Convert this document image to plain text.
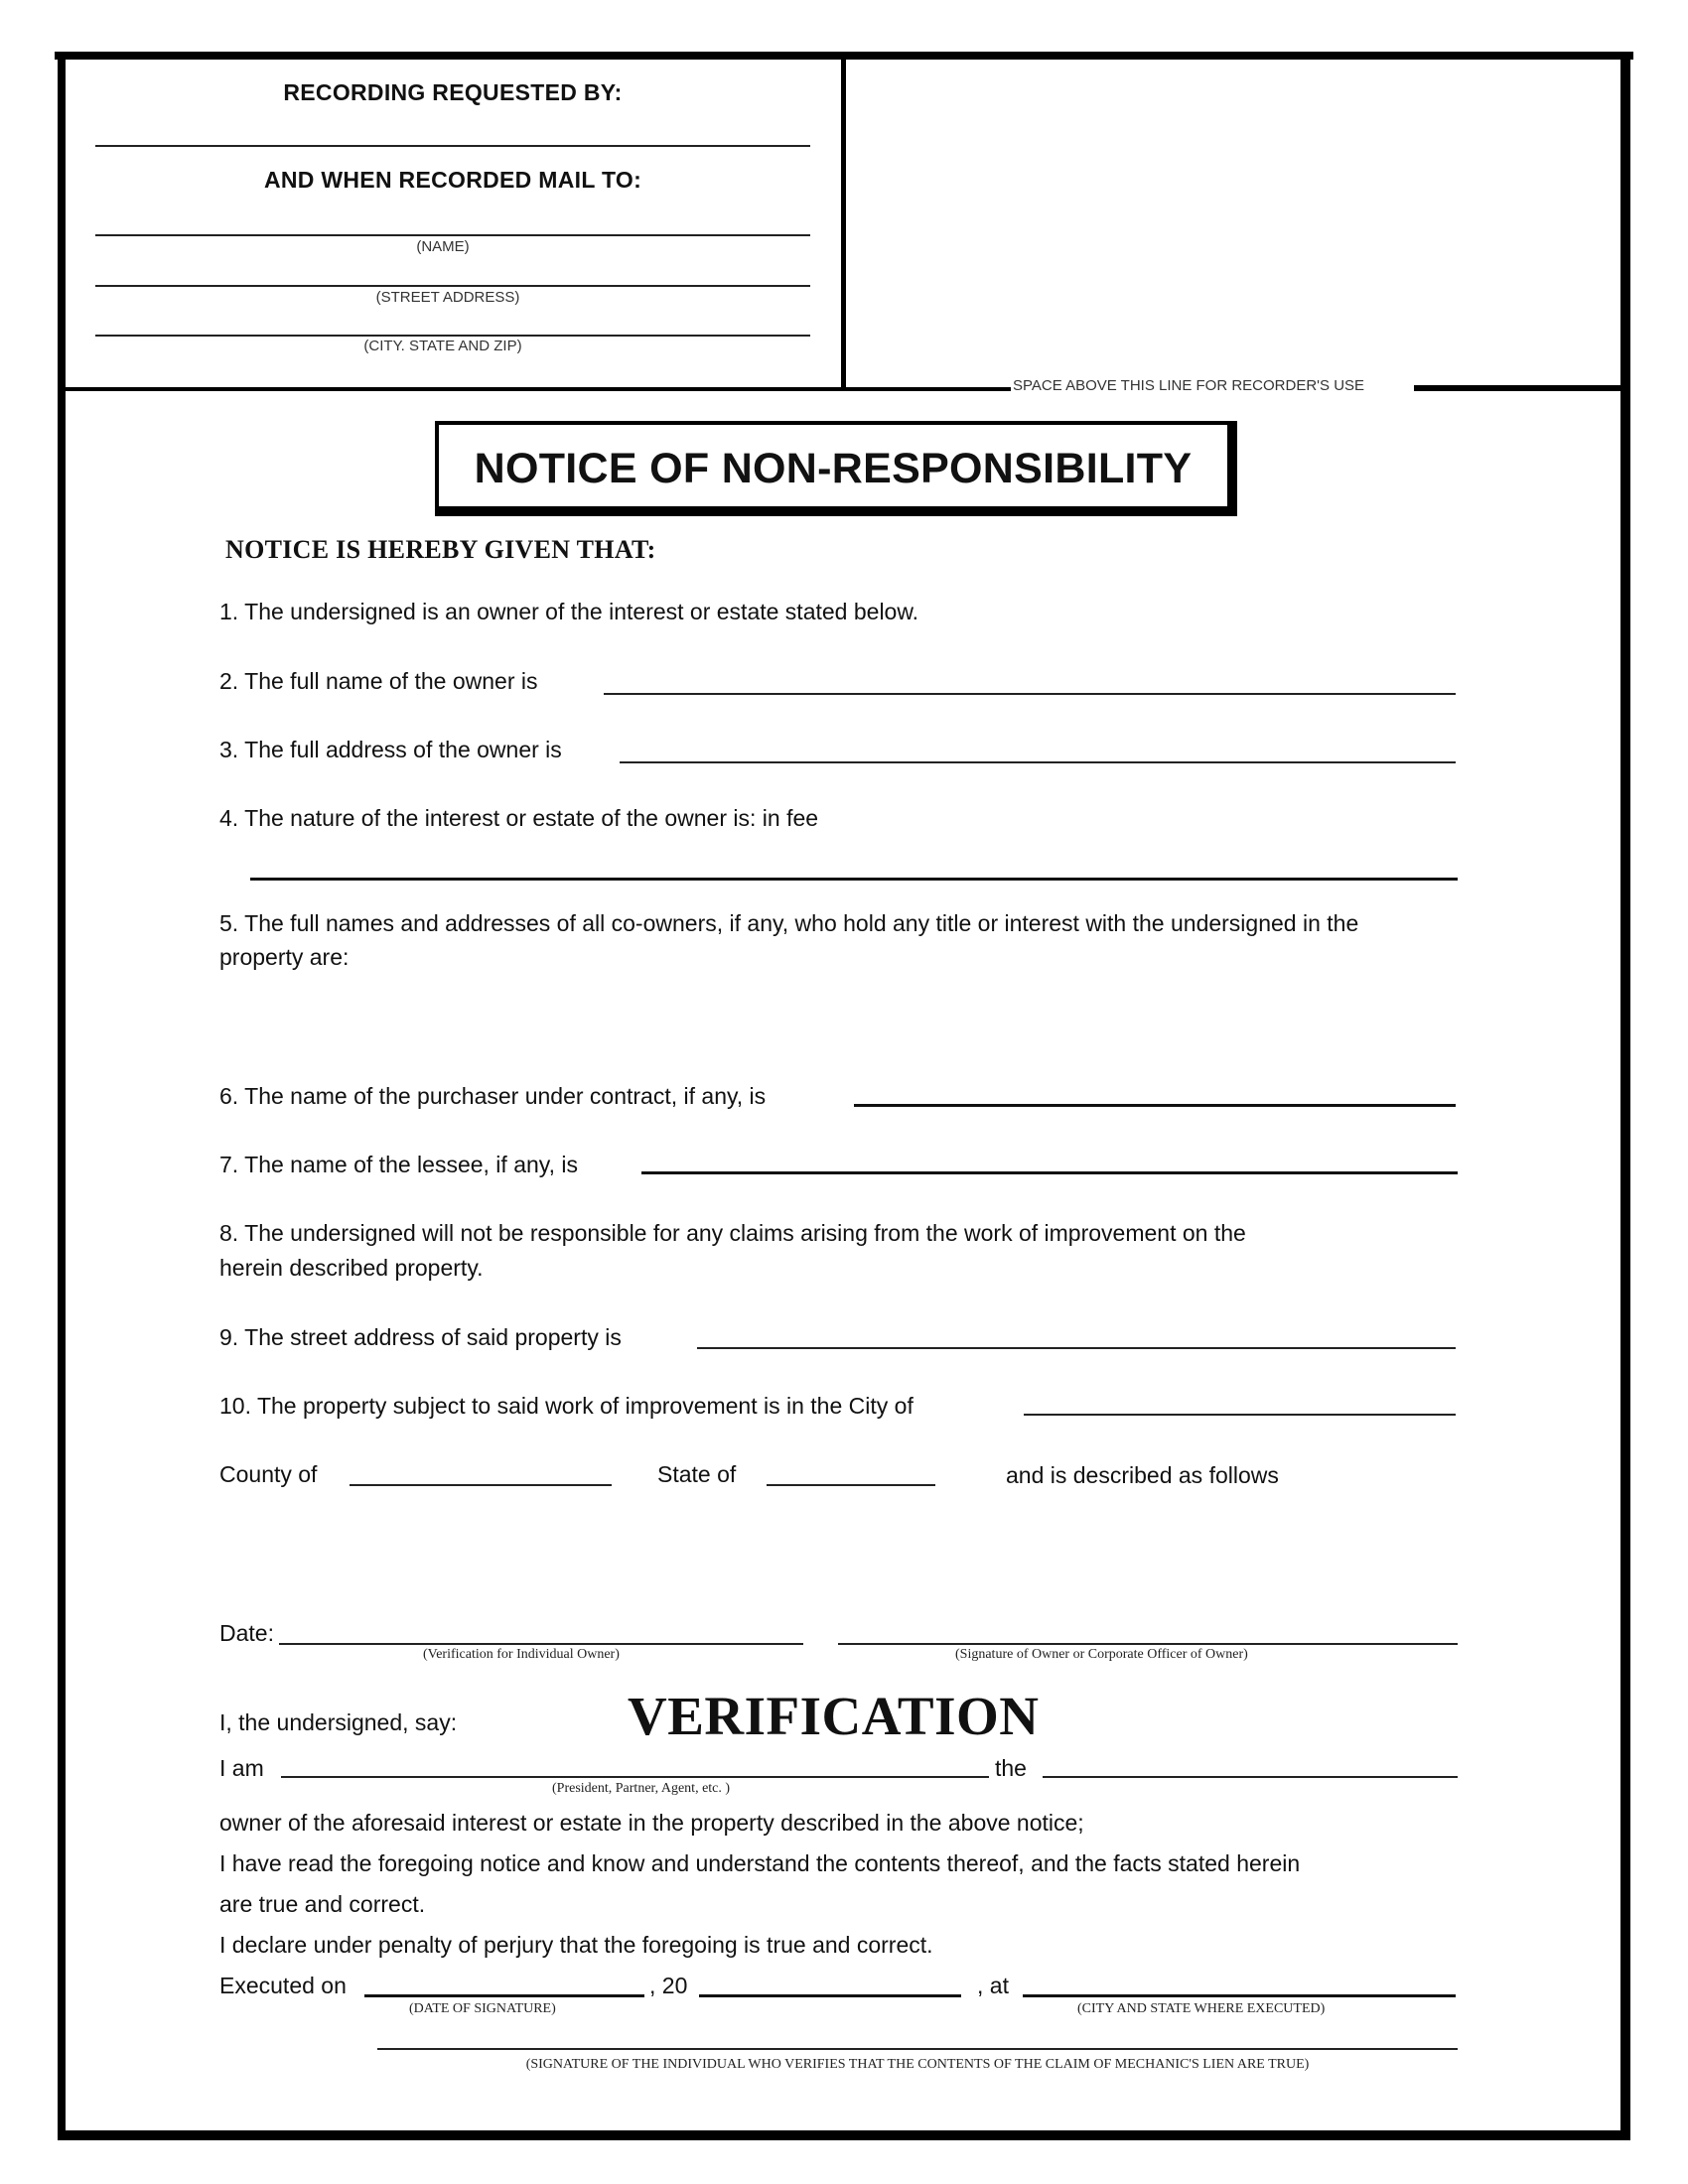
RECORDING REQUESTED BY:
AND WHEN RECORDED MAIL TO:
(NAME)
(STREET ADDRESS)
(CITY. STATE AND ZIP)
SPACE ABOVE THIS LINE FOR RECORDER'S USE
NOTICE OF NON-RESPONSIBILITY
NOTICE IS HEREBY GIVEN THAT:
1. The undersigned is an owner of the interest or estate stated below.
2. The full name of the owner is
3. The full address of the owner is
4. The nature of the interest or estate of the owner is: in fee
5. The full names and addresses of all co-owners, if any, who hold any title or interest with the undersigned in the
property are:
6. The name of the purchaser under contract, if any, is
7. The name of the lessee, if any, is
8. The undersigned will not be responsible for any claims arising from the work of improvement on the
herein described property.
9. The street address of said property is
10. The property subject to said work of improvement is in the City of
County of	State of	and is described as follows
Date:
(Verification for Individual Owner)	(Signature of Owner or Corporate Officer of Owner)
VERIFICATION
I, the undersigned, say:
I am
(President, Partner, Agent, etc. )
the
owner of the aforesaid interest or estate in the property described in the above notice;
I have read the foregoing notice and know and understand the contents thereof, and the facts stated herein
are true and correct.
I declare under penalty of perjury that the foregoing is true and correct.
Executed on
(DATE OF SIGNATURE)
, 20	, at
(CITY AND STATE WHERE EXECUTED)
(SIGNATURE OF THE INDIVIDUAL WHO VERIFIES THAT THE CONTENTS OF THE CLAIM OF MECHANIC'S LIEN ARE TRUE)
